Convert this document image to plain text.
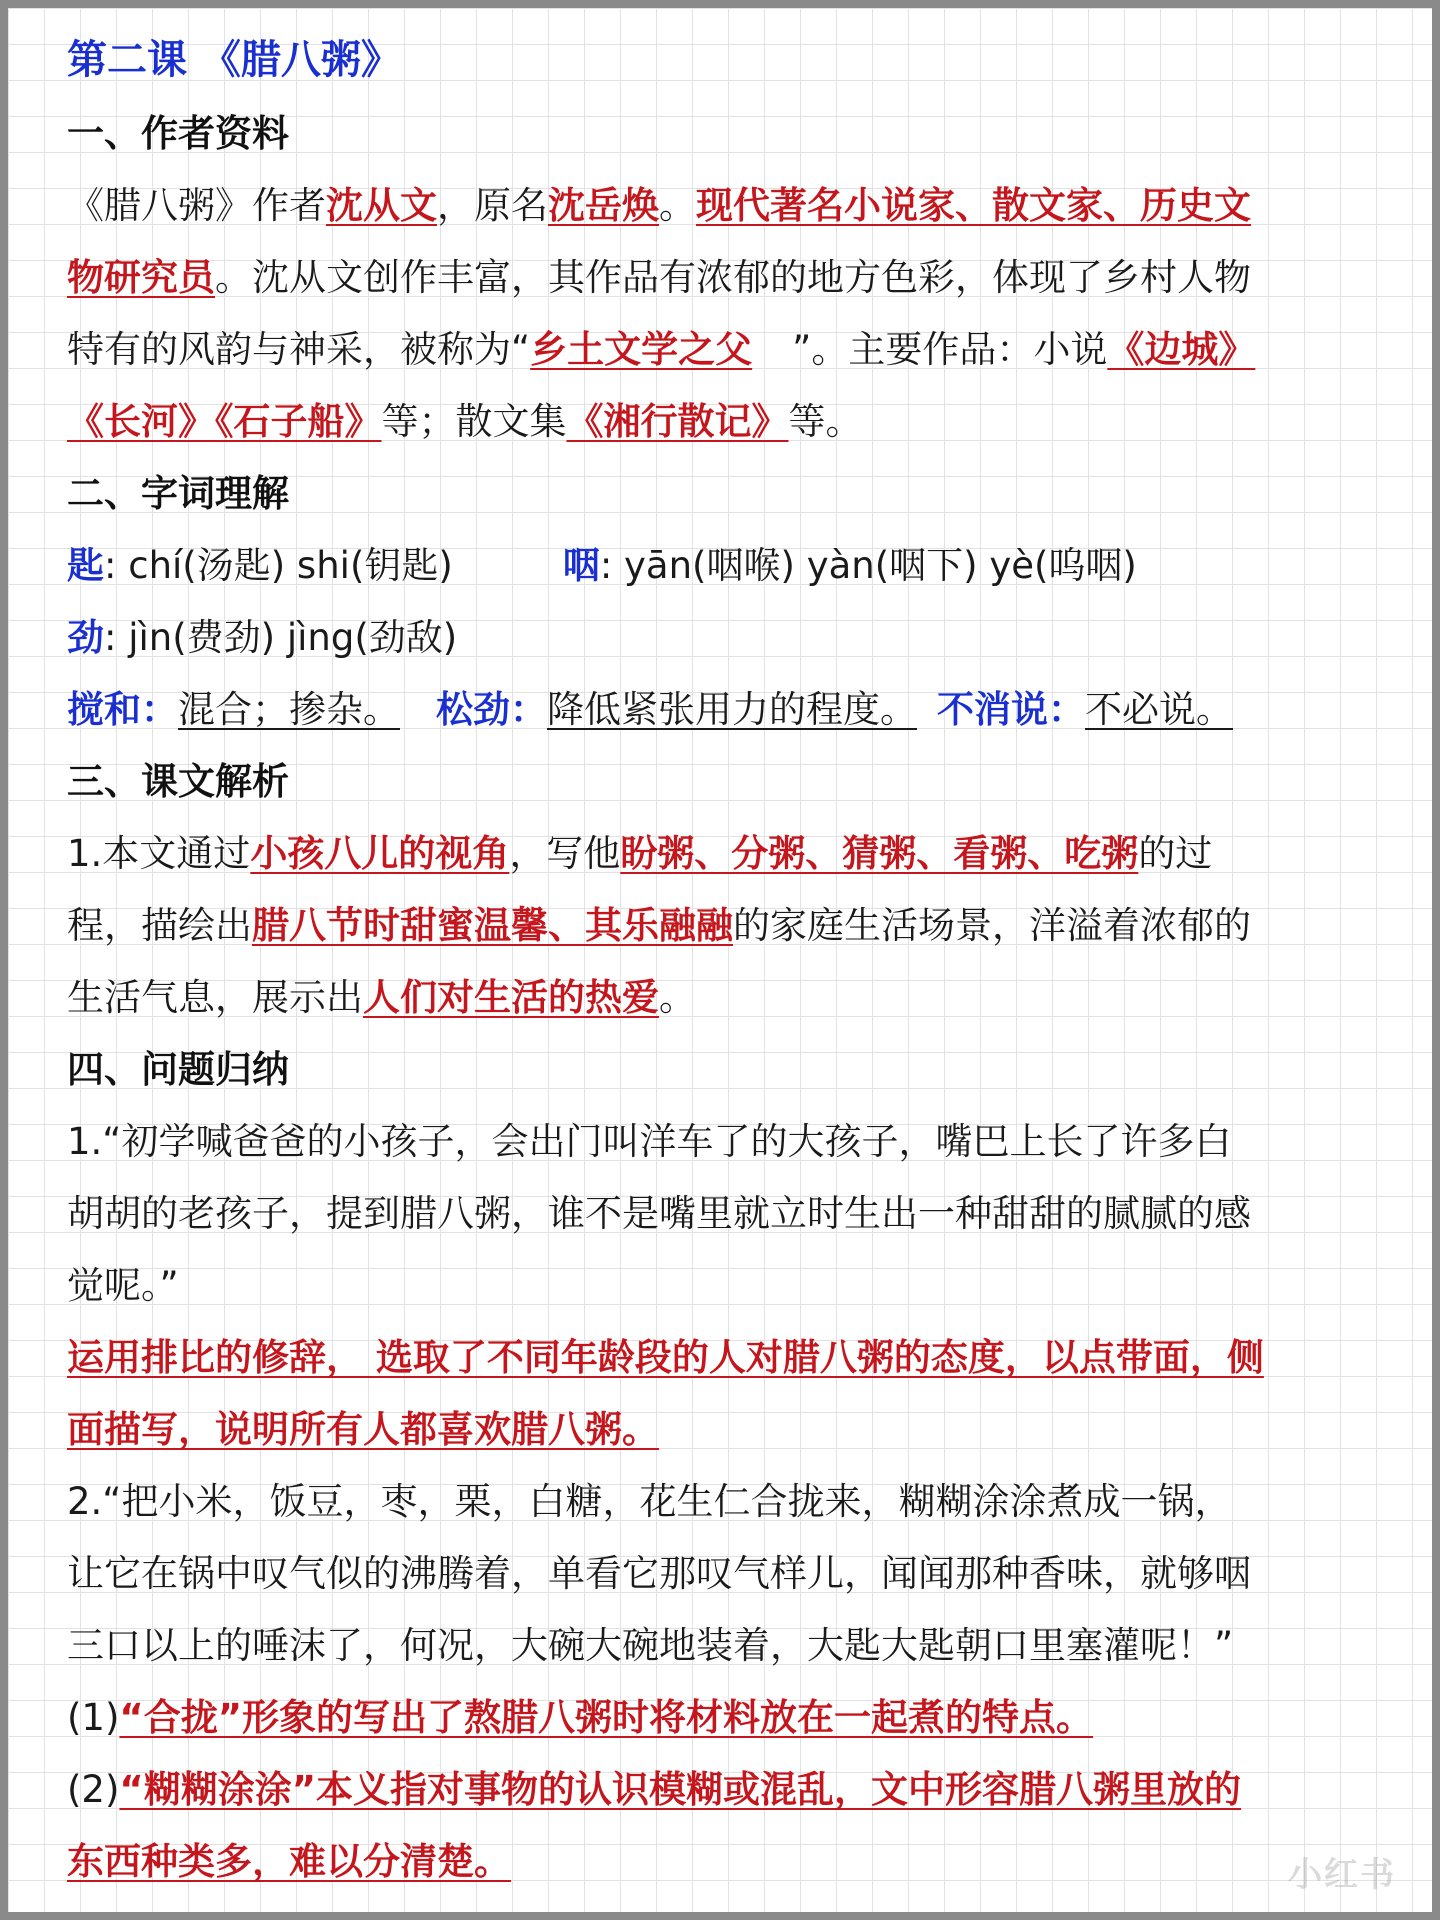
第二课 《腊八粥》
一、作者资料
《腊八粥》作者沈从文，原名沈岳焕。现代著名小说家、散文家、历史文
物研究员。沈从文创作丰富，其作品有浓郁的地方色彩，体现了乡村人物
特有的风韵与神采，被称为“乡土文学之父 ”。主要作品：小说《边城》
《长河》《石子船》等；散文集《湘行散记》等。
二、字词理解
匙: chí(汤匙) shi(钥匙)	咽: yān(咽喉) yàn(咽下) yè(呜咽)
劲: jìn(费劲) jìng(劲敌)
搅和：混合；掺杂。 松劲：降低紧张用力的程度。 不消说：不必说。
三、课文解析
1.本文通过小孩八儿的视角，写他盼粥、分粥、猜粥、看粥、吃粥的过
程，描绘出腊八节时甜蜜温馨、其乐融融的家庭生活场景，洋溢着浓郁的
生活气息，展示出人们对生活的热爱。
四、问题归纳
1.“初学喊爸爸的小孩子，会出门叫洋车了的大孩子，嘴巴上长了许多白
胡胡的老孩子，提到腊八粥，谁不是嘴里就立时生出一种甜甜的腻腻的感
觉呢。”
运用排比的修辞， 选取了不同年龄段的人对腊八粥的态度，以点带面，侧
面描写，说明所有人都喜欢腊八粥。
2.“把小米，饭豆，枣，栗，白糖，花生仁合拢来，糊糊涂涂煮成一锅，
让它在锅中叹气似的沸腾着，单看它那叹气样儿，闻闻那种香味，就够咽
三口以上的唾沫了，何况，大碗大碗地装着，大匙大匙朝口里塞灌呢！”
(1)“合拢”形象的写出了熬腊八粥时将材料放在一起煮的特点。
(2)“糊糊涂涂”本义指对事物的认识模糊或混乱，文中形容腊八粥里放的
东西种类多，难以分清楚。	小红书
